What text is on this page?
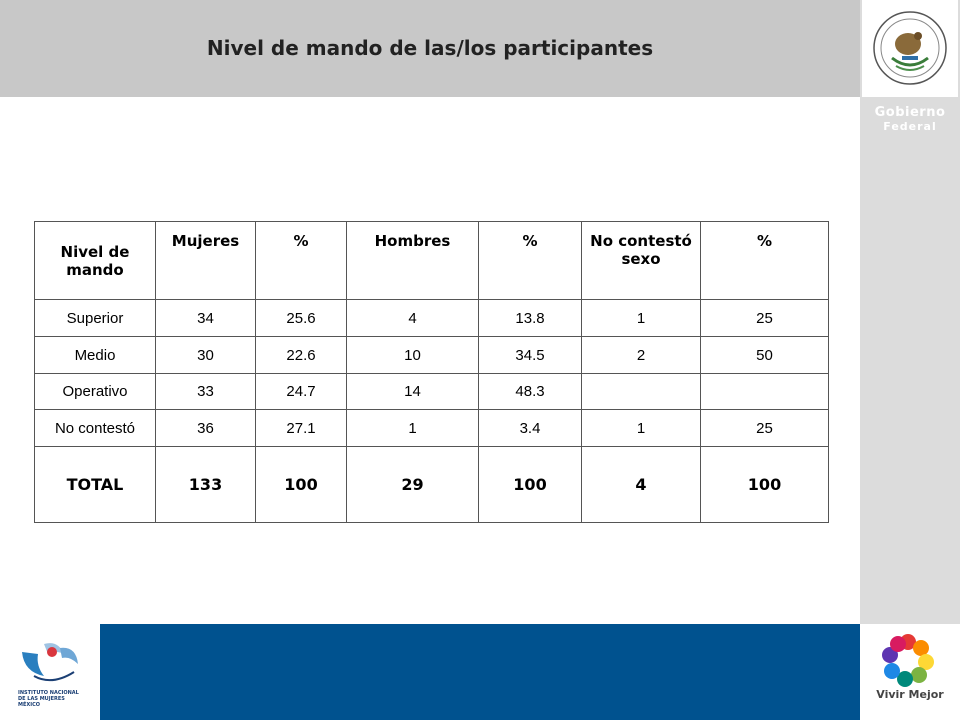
Nivel de mando de las/los participantes
Gobierno
Federal
Nivel de mando	Mujeres	%	Hombres	%	No contestó sexo	%
Superior	34	25.6	4	13.8	1	25
Medio	30	22.6	10	34.5	2	50
Operativo	33	24.7	14	48.3		
No contestó	36	27.1	1	3.4	1	25
TOTAL	133	100	29	100	4	100
INSTITUTO NACIONAL DE LAS MUJERES MÉXICO
Vivir Mejor
